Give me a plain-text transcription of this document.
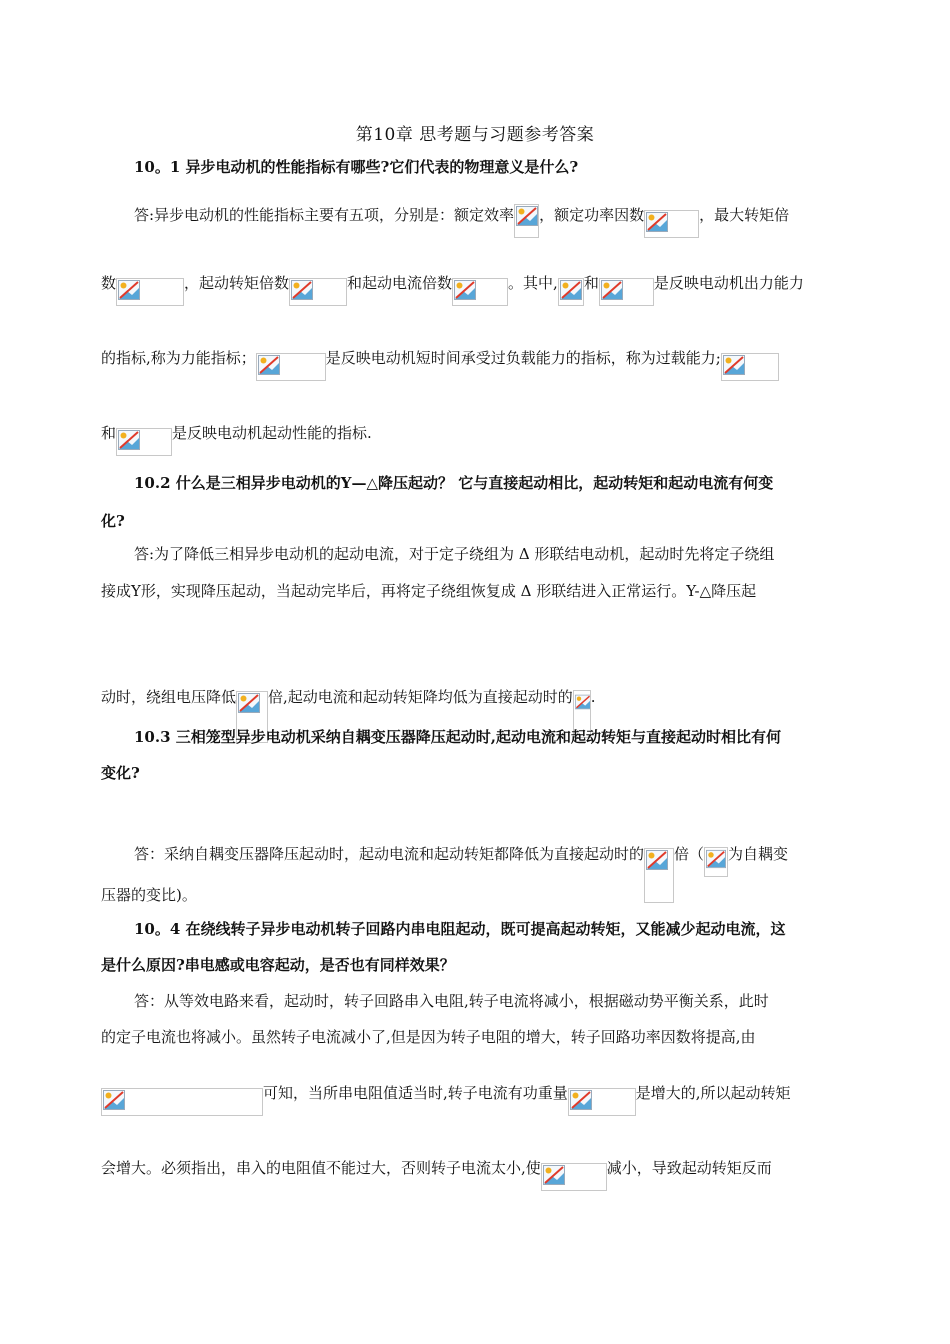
第10章 思考题与习题参考答案
10。1 异步电动机的性能指标有哪些?它们代表的物理意义是什么?
答:异步电动机的性能指标主要有五项，分别是：额定效率 ，额定功率因数	，最大转矩倍
数	，起动转矩倍数	和起动电流倍数	。其中, 和	是反映电动机出力能力
的指标,称为力能指标；	是反映电动机短时间承受过负载能力的指标，称为过载能力;
和	是反映电动机起动性能的指标.
10.2 什么是三相异步电动机的Y—△降压起动？ 它与直接起动相比，起动转矩和起动电流有何变
化?
答:为了降低三相异步电动机的起动电流，对于定子绕组为 Δ 形联结电动机，起动时先将定子绕组
接成Y形，实现降压起动，当起动完毕后，再将定子绕组恢复成 Δ 形联结进入正常运行。Y-△降压起
动时，绕组电压降低 倍,起动电流和起动转矩降均低为直接起动时的 .
10.3 三相笼型异步电动机采纳自耦变压器降压起动时,起动电流和起动转矩与直接起动时相比有何
变化?
答：采纳自耦变压器降压起动时，起动电流和起动转矩都降低为直接起动时的 倍（ 为自耦变
压器的变比)。
10。4 在绕线转子异步电动机转子回路内串电阻起动，既可提高起动转矩，又能减少起动电流，这
是什么原因?串电感或电容起动，是否也有同样效果？
答：从等效电路来看，起动时，转子回路串入电阻,转子电流将减小，根据磁动势平衡关系，此时
的定子电流也将减小。虽然转子电流减小了,但是因为转子电阻的增大，转子回路功率因数将提高,由
可知，当所串电阻值适当时,转子电流有功重量	是增大的,所以起动转矩
会增大。必须指出，串入的电阻值不能过大，否则转子电流太小,使	减小，导致起动转矩反而
